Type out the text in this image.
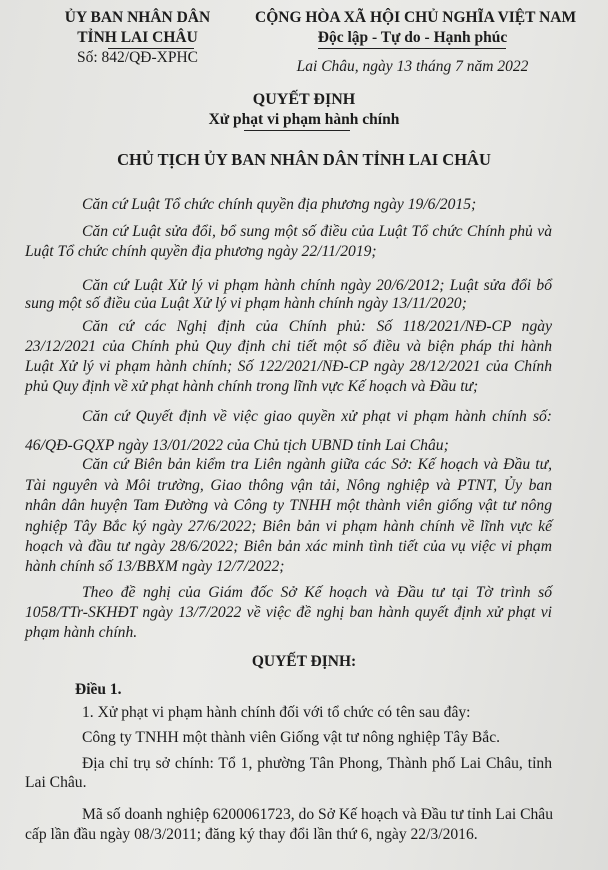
ỦY BAN NHÂN DÂN
TỈNH LAI CHÂU
Số: 842/QĐ-XPHC
CỘNG HÒA XÃ HỘI CHỦ NGHĨA VIỆT NAM
Độc lập - Tự do - Hạnh phúc
Lai Châu, ngày 13 tháng 7 năm 2022
QUYẾT ĐỊNH
Xử phạt vi phạm hành chính
CHỦ TỊCH ỦY BAN NHÂN DÂN TỈNH LAI CHÂU
Căn cứ Luật Tổ chức chính quyền địa phương ngày 19/6/2015;
Căn cứ Luật sửa đổi, bổ sung một số điều của Luật Tổ chức Chính phủ và
Luật Tổ chức chính quyền địa phương ngày 22/11/2019;
Căn cứ Luật Xử lý vi phạm hành chính ngày 20/6/2012; Luật sửa đổi bổ
sung một số điều của Luật Xử lý vi phạm hành chính ngày 13/11/2020;
Căn cứ các Nghị định của Chính phủ: Số 118/2021/NĐ-CP ngày
23/12/2021 của Chính phủ Quy định chi tiết một số điều và biện pháp thi hành
Luật Xử lý vi phạm hành chính; Số 122/2021/NĐ-CP ngày 28/12/2021 của Chính
phủ Quy định về xử phạt hành chính trong lĩnh vực Kế hoạch và Đầu tư;
Căn cứ Quyết định về việc giao quyền xử phạt vi phạm hành chính số:
46/QĐ-GQXP ngày 13/01/2022 của Chủ tịch UBND tỉnh Lai Châu;
Căn cứ Biên bản kiểm tra Liên ngành giữa các Sở: Kế hoạch và Đầu tư,
Tài nguyên và Môi trường, Giao thông vận tải, Nông nghiệp và PTNT, Ủy ban
nhân dân huyện Tam Đường và Công ty TNHH một thành viên giống vật tư nông
nghiệp Tây Bắc ký ngày 27/6/2022; Biên bản vi phạm hành chính về lĩnh vực kế
hoạch và đầu tư ngày 28/6/2022; Biên bản xác minh tình tiết của vụ việc vi phạm
hành chính số 13/BBXM ngày 12/7/2022;
Theo đề nghị của Giám đốc Sở Kế hoạch và Đầu tư tại Tờ trình số
1058/TTr-SKHĐT ngày 13/7/2022 về việc đề nghị ban hành quyết định xử phạt vi
phạm hành chính.
QUYẾT ĐỊNH:
Điều 1.
1. Xử phạt vi phạm hành chính đối với tổ chức có tên sau đây:
Công ty TNHH một thành viên Giống vật tư nông nghiệp Tây Bắc.
Địa chỉ trụ sở chính: Tổ 1, phường Tân Phong, Thành phố Lai Châu, tỉnh
Lai Châu.
Mã số doanh nghiệp 6200061723, do Sở Kế hoạch và Đầu tư tỉnh Lai Châu
cấp lần đầu ngày 08/3/2011; đăng ký thay đổi lần thứ 6, ngày 22/3/2016.
